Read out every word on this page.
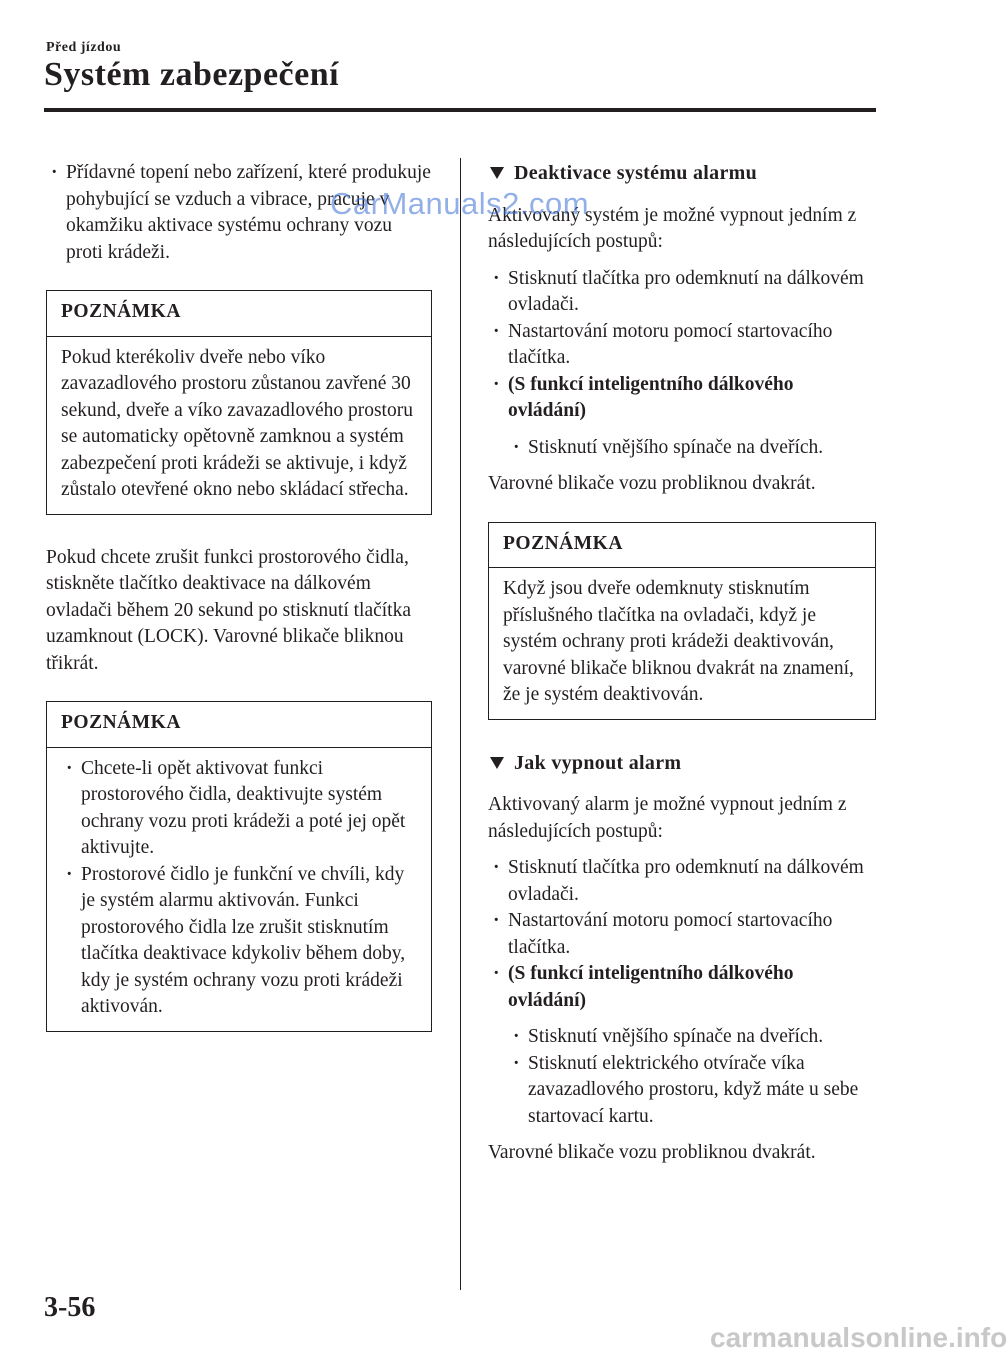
Před jízdou
Systém zabezpečení

· Přídavné topení nebo zařízení, které produkuje pohybující se vzduch a vibrace, pracuje v okamžiku aktivace systému ochrany vozu proti krádeži.

POZNÁMKA

Pokud kterékoliv dveře nebo víko zavazadlového prostoru zůstanou zavřené 30 sekund, dveře a víko zavazadlového prostoru se automaticky opětovně zamknou a systém zabezpečení proti krádeži se aktivuje, i když zůstalo otevřené okno nebo skládací střecha.

Pokud chcete zrušit funkci prostorového čidla, stiskněte tlačítko deaktivace na dálkovém ovladači během 20 sekund po stisknutí tlačítka uzamknout (LOCK). Varovné blikače bliknou třikrát.

POZNÁMKA

· Chcete-li opět aktivovat funkci prostorového čidla, deaktivujte systém ochrany vozu proti krádeži a poté jej opět aktivujte.

· Prostorové čidlo je funkční ve chvíli, kdy je systém alarmu aktivován. Funkci prostorového čidla lze zrušit stisknutím tlačítka deaktivace kdykoliv během doby, kdy je systém ochrany vozu proti krádeži aktivován.

Deaktivace systému alarmu

Aktivovaný systém je možné vypnout jedním z následujících postupů:

· Stisknutí tlačítka pro odemknutí na dálkovém ovladači.

· Nastartování motoru pomocí startovacího tlačítka.

· (S funkcí inteligentního dálkového ovládání)

· Stisknutí vnějšího spínače na dveřích.

Varovné blikače vozu probliknou dvakrát.

POZNÁMKA

Když jsou dveře odemknuty stisknutím příslušného tlačítka na ovladači, když je systém ochrany proti krádeži deaktivován, varovné blikače bliknou dvakrát na znamení, že je systém deaktivován.

Jak vypnout alarm

Aktivovaný alarm je možné vypnout jedním z následujících postupů:

· Stisknutí tlačítka pro odemknutí na dálkovém ovladači.

· Nastartování motoru pomocí startovacího tlačítka.

· (S funkcí inteligentního dálkového ovládání)

· Stisknutí vnějšího spínače na dveřích.

· Stisknutí elektrického otvírače víka zavazadlového prostoru, když máte u sebe startovací kartu.

Varovné blikače vozu probliknou dvakrát.

CarManuals2.com
3-56
carmanualsonline.info
